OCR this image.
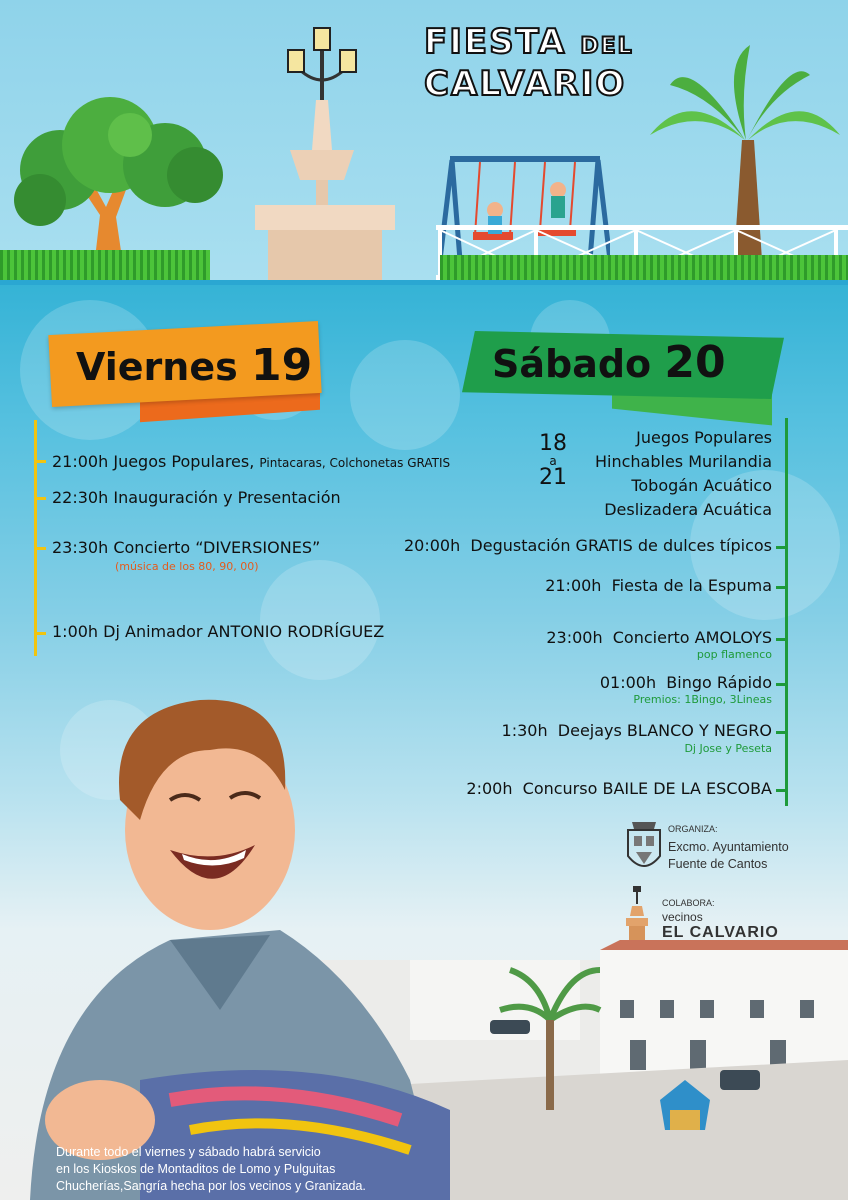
FIESTA DEL
CALVARIO
Viernes 19	Sábado 20
21:00h Juegos Populares, Pintacaras, Colchonetas GRATIS
22:30h Inauguración y Presentación
23:30h Concierto “DIVERSIONES”
(música de los 80, 90, 00)
1:00h Dj Animador ANTONIO RODRÍGUEZ
18
a
21
Juegos Populares
Hinchables Murilandia
Tobogán Acuático
Deslizadera Acuática
20:00h Degustación GRATIS de dulces típicos
21:00h Fiesta de la Espuma
23:00h Concierto AMOLOYS
pop flamenco
01:00h Bingo Rápido
Premios: 1Bingo, 3Lineas
1:30h Deejays BLANCO Y NEGRO
Dj Jose y Peseta
2:00h Concurso BAILE DE LA ESCOBA
ORGANIZA:
Excmo. Ayuntamiento
Fuente de Cantos
COLABORA:
vecinos
EL CALVARIO
Durante todo el viernes y sábado habrá servicio
en los Kioskos de Montaditos de Lomo y Pulguitas
Chucherías,Sangría hecha por los vecinos y Granizada.
